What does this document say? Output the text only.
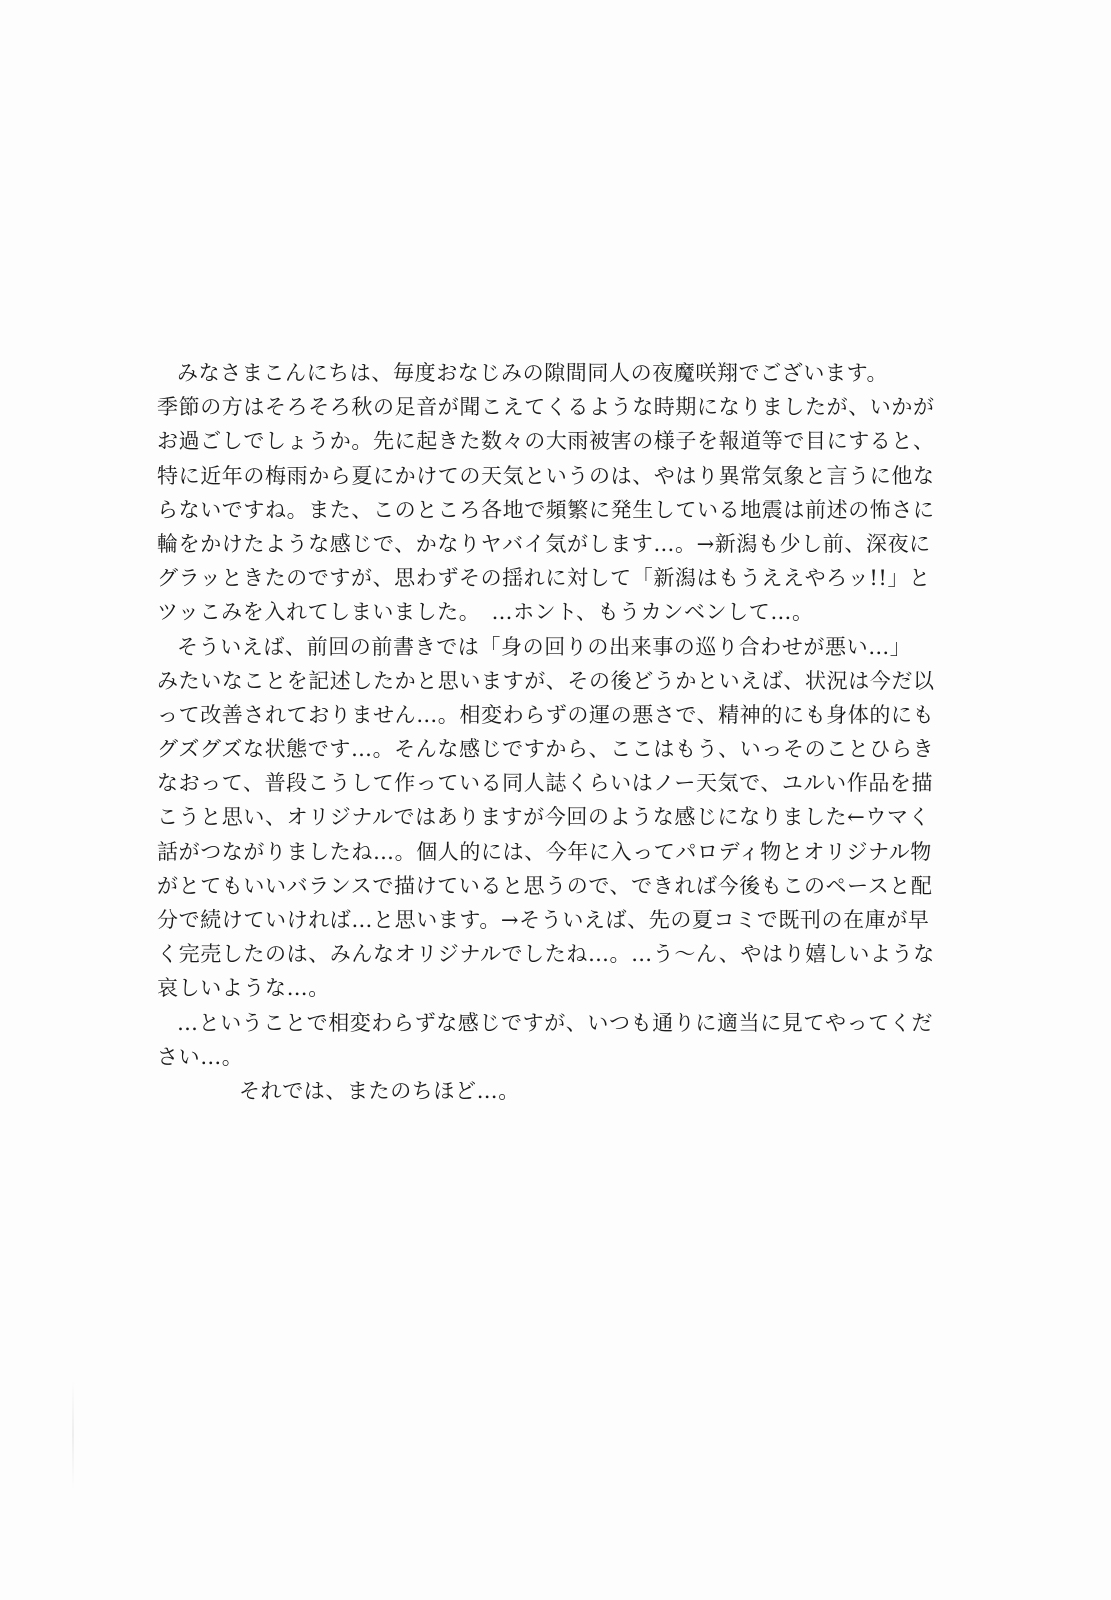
みなさまこんにちは、毎度おなじみの隙間同人の夜魔咲翔でございます。
季節の方はそろそろ秋の足音が聞こえてくるような時期になりましたが、いかが
お過ごしでしょうか。先に起きた数々の大雨被害の様子を報道等で目にすると、
特に近年の梅雨から夏にかけての天気というのは、やはり異常気象と言うに他な
らないですね。また、このところ各地で頻繁に発生している地震は前述の怖さに
輪をかけたような感じで、かなりヤバイ気がします…。→新潟も少し前、深夜に
グラッときたのですが、思わずその揺れに対して「新潟はもうええやろッ!!」と
ツッこみを入れてしまいました。　…ホント、もうカンベンして…。
そういえば、前回の前書きでは「身の回りの出来事の巡り合わせが悪い…」
みたいなことを記述したかと思いますが、その後どうかといえば、状況は今だ以
って改善されておりません…。相変わらずの運の悪さで、精神的にも身体的にも
グズグズな状態です…。そんな感じですから、ここはもう、いっそのことひらき
なおって、普段こうして作っている同人誌くらいはノー天気で、ユルい作品を描
こうと思い、オリジナルではありますが今回のような感じになりました←ウマく
話がつながりましたね…。個人的には、今年に入ってパロディ物とオリジナル物
がとてもいいバランスで描けていると思うので、できれば今後もこのペースと配
分で続けていければ…と思います。→そういえば、先の夏コミで既刊の在庫が早
く完売したのは、みんなオリジナルでしたね…。…う～ん、やはり嬉しいような
哀しいような…。
…ということで相変わらずな感じですが、いつも通りに適当に見てやってくだ
さい…。
それでは、またのちほど…。
